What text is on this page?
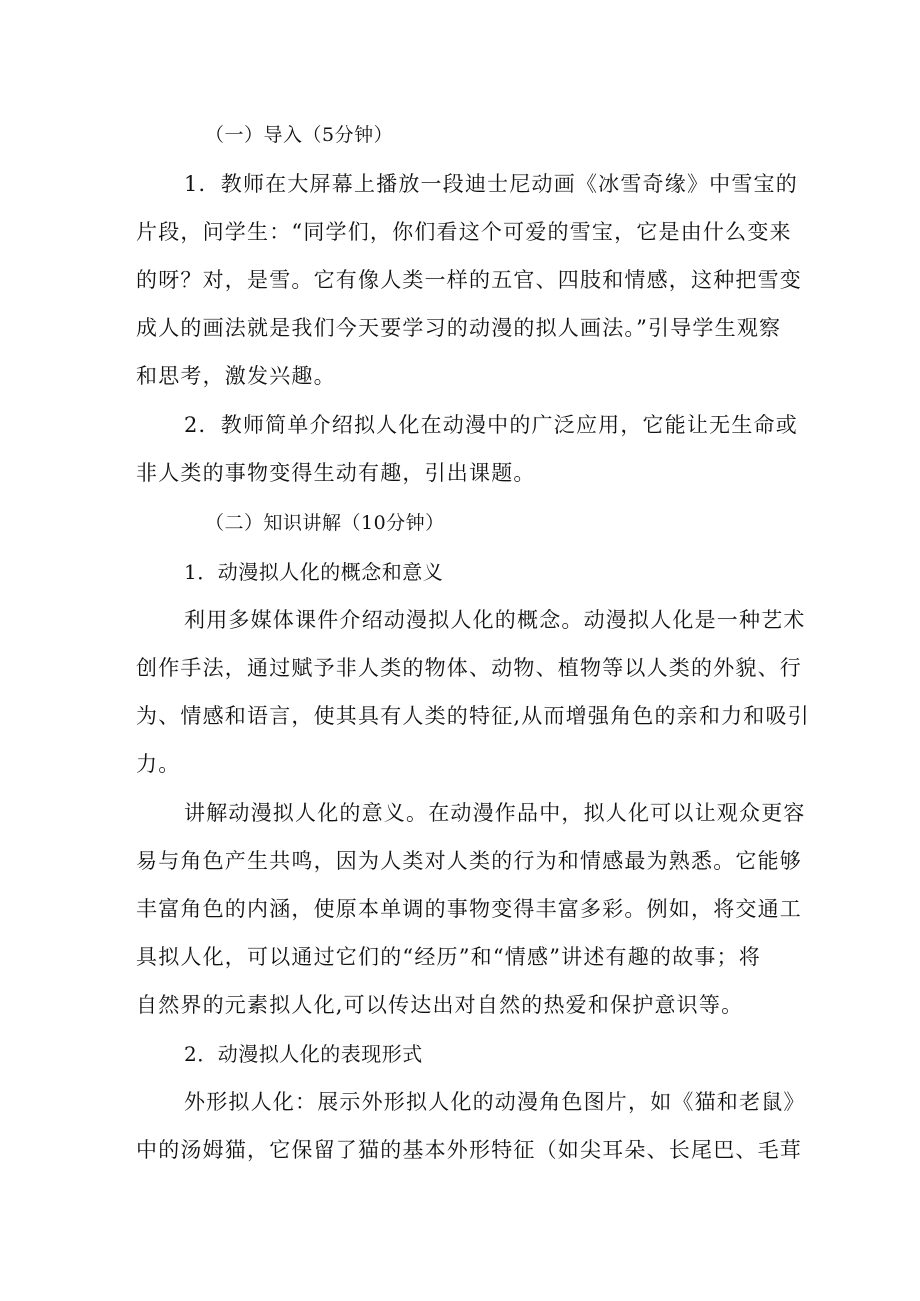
（一）导入（5分钟）
1．教师在大屏幕上播放一段迪士尼动画《冰雪奇缘》中雪宝的
片段，问学生：“同学们，你们看这个可爱的雪宝，它是由什么变来
的呀？对，是雪。它有像人类一样的五官、四肢和情感，这种把雪变
成人的画法就是我们今天要学习的动漫的拟人画法。”引导学生观察
和思考，激发兴趣。
2．教师简单介绍拟人化在动漫中的广泛应用，它能让无生命或
非人类的事物变得生动有趣，引出课题。
（二）知识讲解（10分钟）
1．动漫拟人化的概念和意义
利用多媒体课件介绍动漫拟人化的概念。动漫拟人化是一种艺术
创作手法，通过赋予非人类的物体、动物、植物等以人类的外貌、行
为、情感和语言，使其具有人类的特征,从而增强角色的亲和力和吸引
力。
讲解动漫拟人化的意义。在动漫作品中，拟人化可以让观众更容
易与角色产生共鸣，因为人类对人类的行为和情感最为熟悉。它能够
丰富角色的内涵，使原本单调的事物变得丰富多彩。例如，将交通工
具拟人化，可以通过它们的“经历”和“情感”讲述有趣的故事；将
自然界的元素拟人化,可以传达出对自然的热爱和保护意识等。
2．动漫拟人化的表现形式
外形拟人化：展示外形拟人化的动漫角色图片，如《猫和老鼠》
中的汤姆猫，它保留了猫的基本外形特征（如尖耳朵、长尾巴、毛茸
